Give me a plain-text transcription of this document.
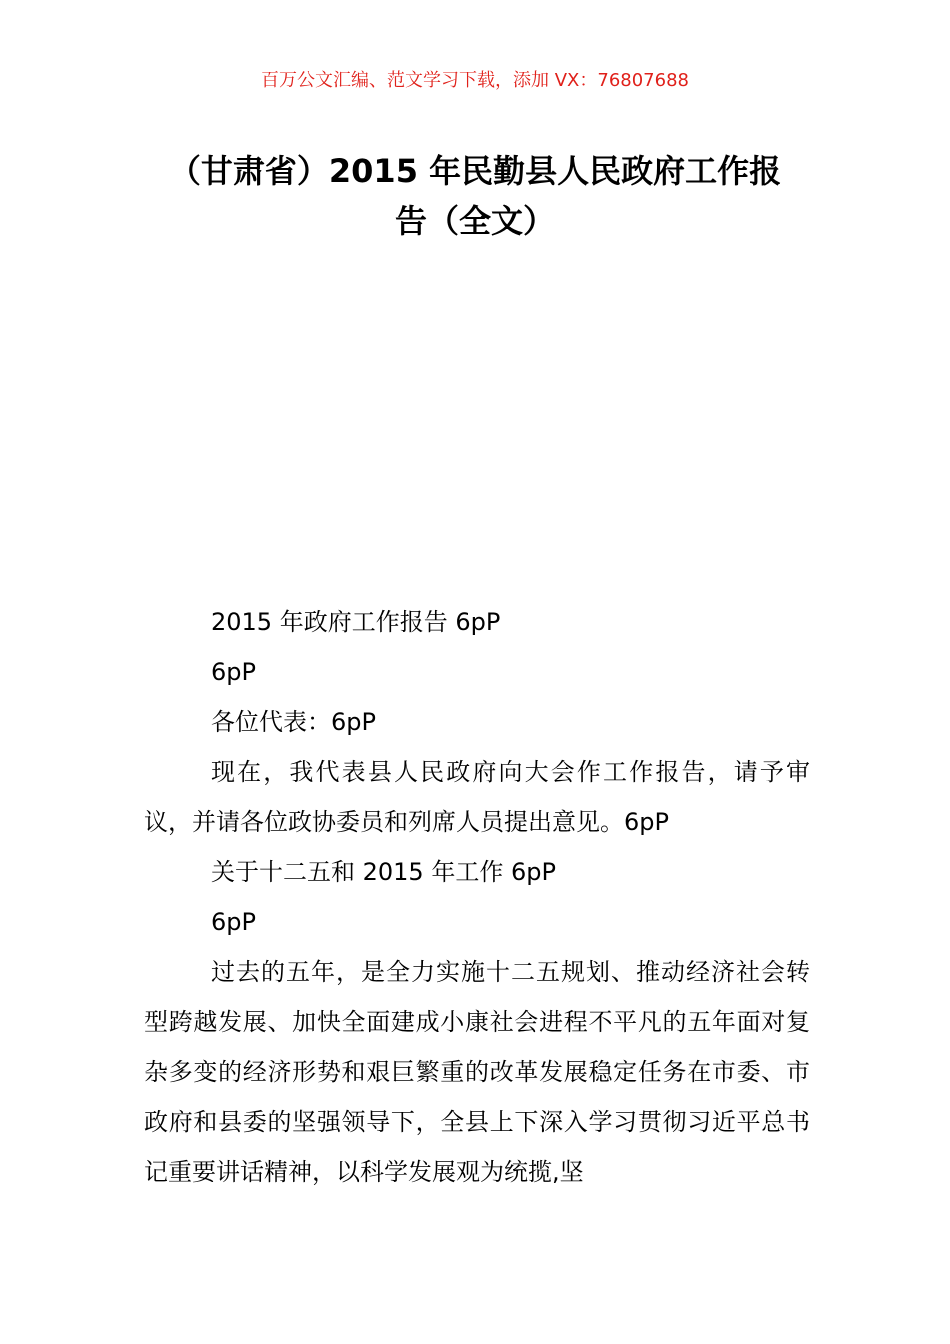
百万公文汇编、范文学习下载，添加 VX：76807688
（甘肃省）2015 年民勤县人民政府工作报
告（全文）

2015 年政府工作报告 6pP

6pP

各位代表：6pP

现在，我代表县人民政府向大会作工作报告，请予审议，并请各位政协委员和列席人员提出意见。6pP

关于十二五和 2015 年工作 6pP

6pP

过去的五年，是全力实施十二五规划、推动经济社会转型跨越发展、加快全面建成小康社会进程不平凡的五年面对复杂多变的经济形势和艰巨繁重的改革发展稳定任务在市委、市政府和县委的坚强领导下，全县上下深入学习贯彻习近平总书记重要讲话精神，以科学发展观为统揽,坚
